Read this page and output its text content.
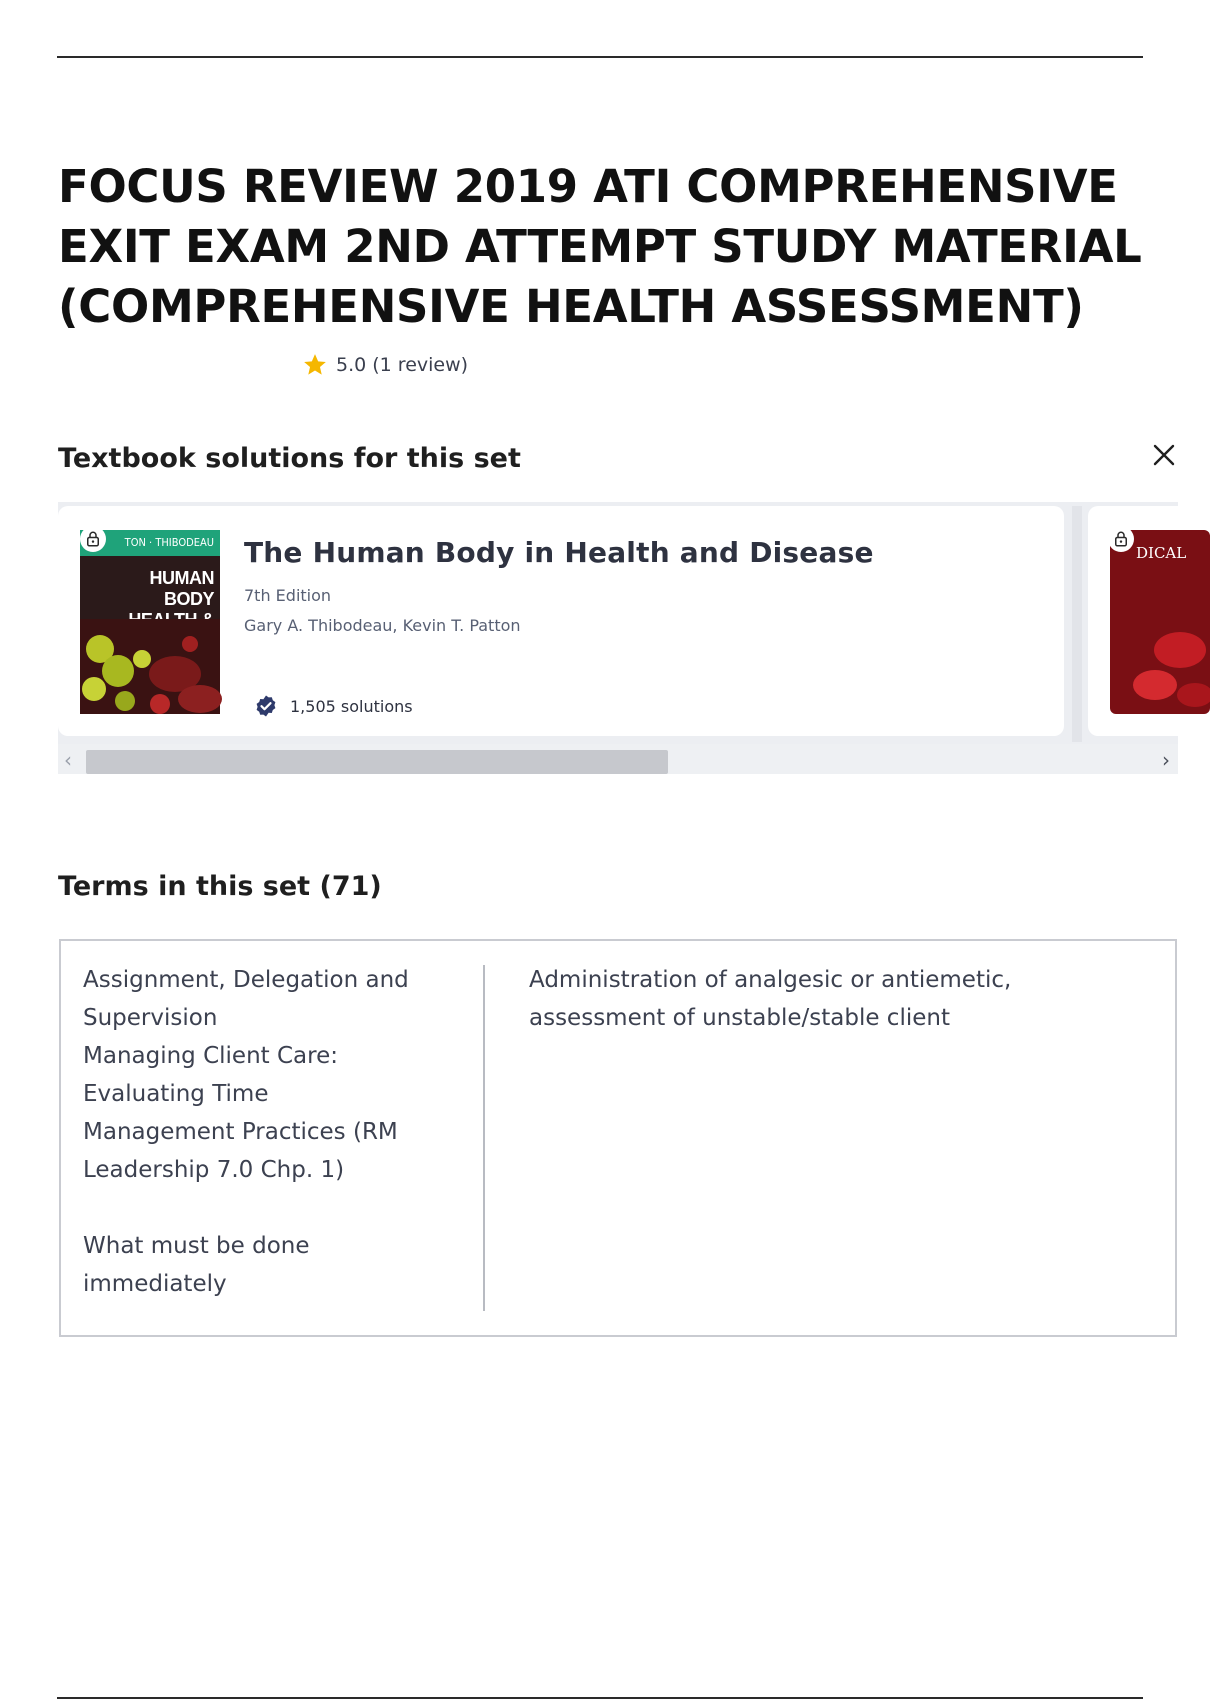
FOCUS REVIEW 2019 ATI COMPREHENSIVE EXIT EXAM 2ND ATTEMPT STUDY MATERIAL (COMPREHENSIVE HEALTH ASSESSMENT)
5.0 (1 review)
Textbook solutions for this set
TON · THIBODEAU
HUMAN BODY
The Human Body in Health and Disease
7th Edition
Gary A. Thibodeau, Kevin T. Patton
1,505 solutions
DICAL
‹	›
Terms in this set (71)
Assignment, Delegation and Supervision
Managing Client Care: Evaluating Time Management Practices (RM Leadership 7.0 Chp. 1)

What must be done immediately
Administration of analgesic or antiemetic, assessment of unstable/stable client
